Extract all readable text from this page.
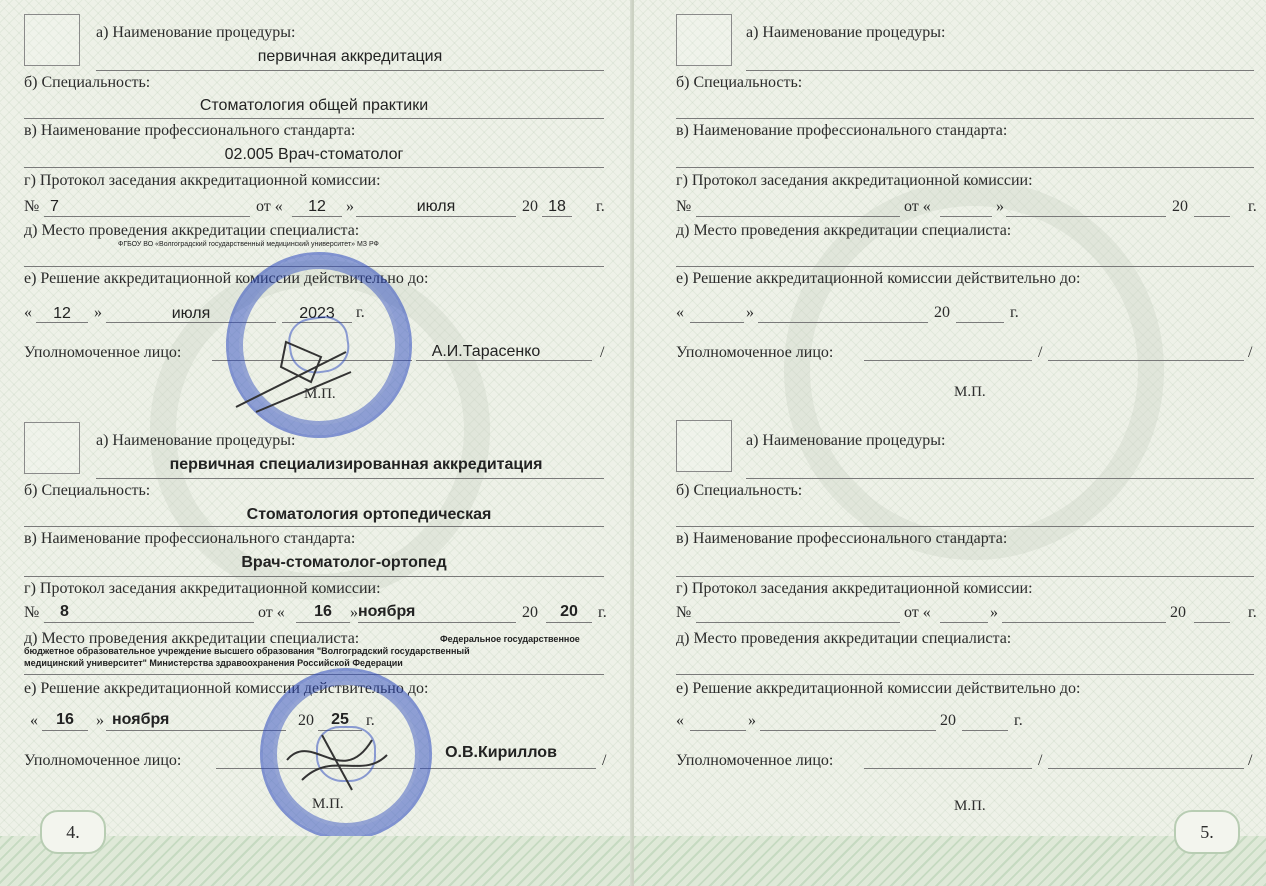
а) Наименование процедуры:
первичная аккредитация
б) Специальность:
Стоматология общей практики
в) Наименование профессионального стандарта:
02.005 Врач-стоматолог
г) Протокол заседания аккредитационной комиссии:
№ 7	от «	12	»	июля	20 18	г.
д) Место проведения аккредитации специалиста:
ФГБОУ ВО «Волгоградский государственный медицинский университет» МЗ РФ
е) Решение аккредитационной комиссии действительно до:
«	12	»	июля	2023	г.
Уполномоченное лицо:	А.И.Тарасенко	/
М.П.
а) Наименование процедуры:
первичная специализированная аккредитация
б) Специальность:
Стоматология ортопедическая
в) Наименование профессионального стандарта:
Врач-стоматолог-ортопед
г) Протокол заседания аккредитационной комиссии:
№ 8	от «	16	» ноября	20	20	г.
д) Место проведения аккредитации специалиста:	Федеральное государственное
бюджетное образовательное учреждение высшего образования "Волгоградский государственный
медицинский университет" Министерства здравоохранения Российской Федерации
е) Решение аккредитационной комиссии действительно до:
«	16	» ноября	20	25	г.
Уполномоченное лицо:	О.В.Кириллов	/
М.П.
4.
а) Наименование процедуры:
б) Специальность:
в) Наименование профессионального стандарта:
г) Протокол заседания аккредитационной комиссии:
№	от «	»	20	г.
д) Место проведения аккредитации специалиста:
е) Решение аккредитационной комиссии действительно до:
«	»	20	г.
Уполномоченное лицо:	/	/
М.П.
а) Наименование процедуры:
б) Специальность:
в) Наименование профессионального стандарта:
г) Протокол заседания аккредитационной комиссии:
№	от «	»	20	г.
д) Место проведения аккредитации специалиста:
е) Решение аккредитационной комиссии действительно до:
«	»	20	г.
Уполномоченное лицо:	/	/
М.П.
5.
